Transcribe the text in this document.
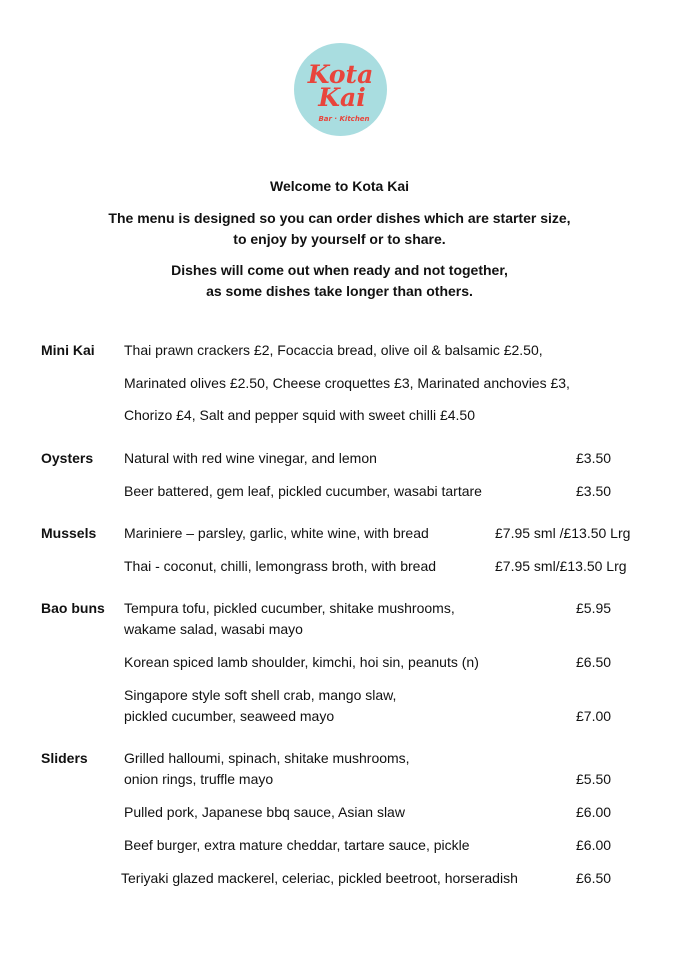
Kota
Kai
Bar · Kitchen
Welcome to Kota Kai
The menu is designed so you can order dishes which are starter size,
to enjoy by yourself or to share.
Dishes will come out when ready and not together,
as some dishes take longer than others.
Mini Kai Thai prawn crackers £2, Focaccia bread, olive oil & balsamic £2.50,
Marinated olives £2.50, Cheese croquettes £3, Marinated anchovies £3,
Chorizo £4, Salt and pepper squid with sweet chilli £4.50
Oysters Natural with red wine vinegar, and lemon	£3.50
Beer battered, gem leaf, pickled cucumber, wasabi tartare	£3.50
Mussels Mariniere – parsley, garlic, white wine, with bread	£7.95 sml /£13.50 Lrg
Thai - coconut, chilli, lemongrass broth, with bread	£7.95 sml/£13.50 Lrg
Bao buns Tempura tofu, pickled cucumber, shitake mushrooms,
wakame salad, wasabi mayo
£5.95
Korean spiced lamb shoulder, kimchi, hoi sin, peanuts (n)	£6.50
Singapore style soft shell crab, mango slaw,
pickled cucumber, seaweed mayo	£7.00
Sliders	Grilled halloumi, spinach, shitake mushrooms,
onion rings, truffle mayo	£5.50
Pulled pork, Japanese bbq sauce, Asian slaw	£6.00
Beef burger, extra mature cheddar, tartare sauce, pickle	£6.00
Teriyaki glazed mackerel, celeriac, pickled beetroot, horseradish	£6.50
